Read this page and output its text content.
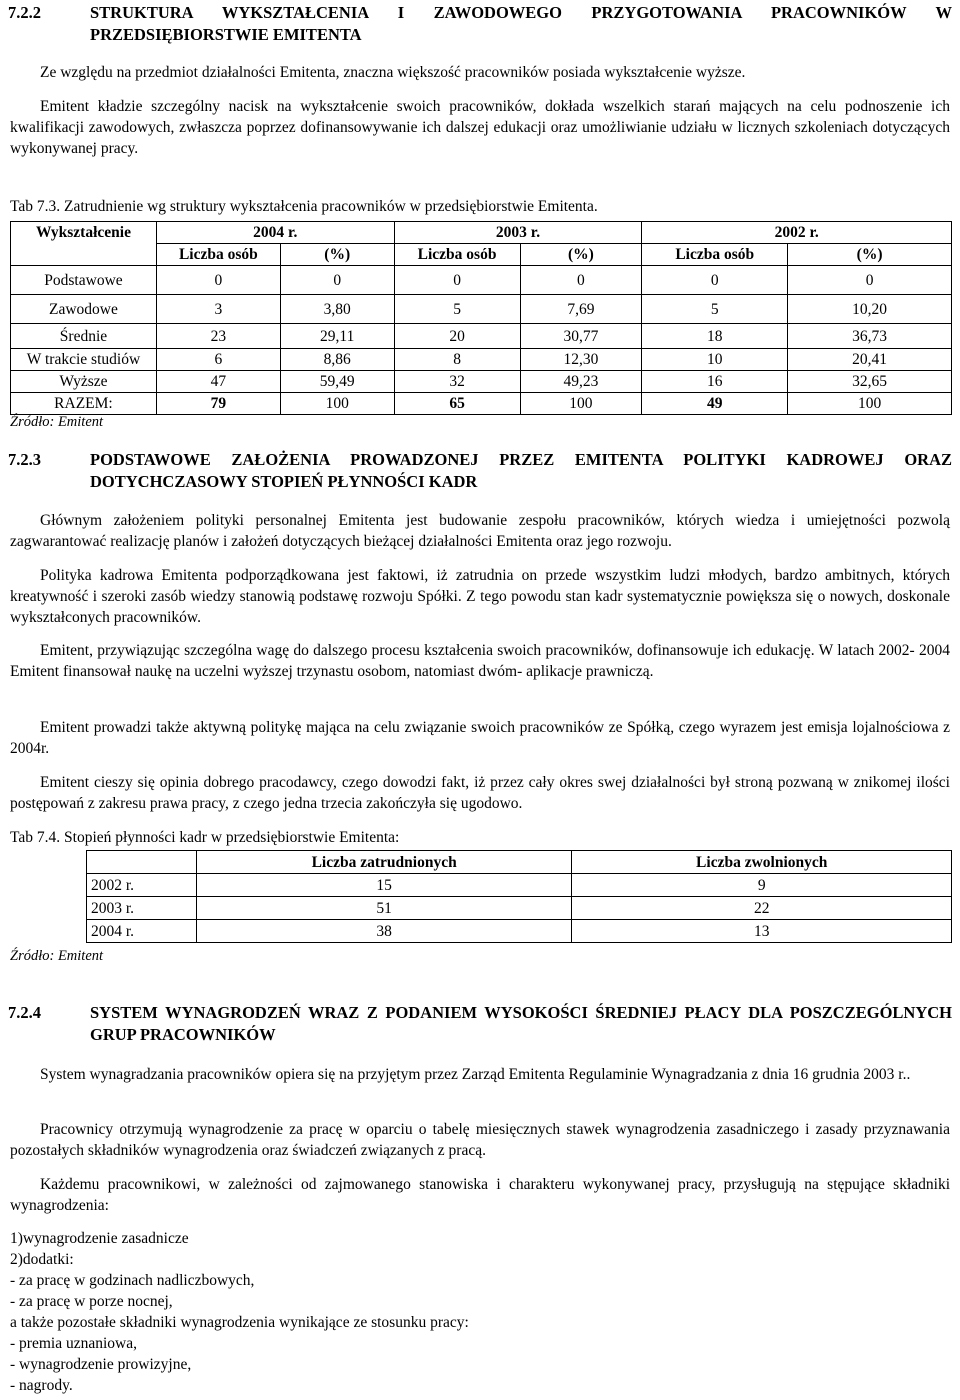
7.2.2	STRUKTURA WYKSZTAŁCENIA I ZAWODOWEGO PRZYGOTOWANIA PRACOWNIKÓW W PRZEDSIĘBIORSTWIE EMITENTA
Ze względu na przedmiot działalności Emitenta, znaczna większość pracowników posiada wykształcenie wyższe.
Emitent kładzie szczególny nacisk na wykształcenie swoich pracowników, dokłada wszelkich starań mających na celu podnoszenie ich kwalifikacji zawodowych, zwłaszcza poprzez dofinansowywanie ich dalszej edukacji oraz umożliwianie udziału w licznych szkoleniach dotyczących wykonywanej pracy.
Tab 7.3. Zatrudnienie wg struktury wykształcenia pracowników w przedsiębiorstwie Emitenta.
Wykształcenie	2004 r.		2003 r.		2002 r.	
	Liczba osób	(%)	Liczba osób	(%)	Liczba osób	(%)
Podstawowe	0	0	0	0	0	0
Zawodowe	3	3,80	5	7,69	5	10,20
Średnie	23	29,11	20	30,77	18	36,73
W trakcie studiów	6	8,86	8	12,30	10	20,41
Wyższe	47	59,49	32	49,23	16	32,65
RAZEM:	79	100	65	100	49	100
Źródło: Emitent
7.2.3	PODSTAWOWE ZAŁOŻENIA PROWADZONEJ PRZEZ EMITENTA POLITYKI KADROWEJ ORAZ DOTYCHCZASOWY STOPIEŃ PŁYNNOŚCI KADR
Głównym założeniem polityki personalnej Emitenta jest budowanie zespołu pracowników, których wiedza i umiejętności pozwolą zagwarantować realizację planów i założeń dotyczących bieżącej działalności Emitenta oraz jego rozwoju.
Polityka kadrowa Emitenta podporządkowana jest faktowi, iż zatrudnia on przede wszystkim ludzi młodych, bardzo ambitnych, których kreatywność i szeroki zasób wiedzy stanowią podstawę rozwoju Spółki. Z tego powodu stan kadr systematycznie powiększa się o nowych, doskonale wykształconych pracowników.
Emitent, przywiązując szczególna wagę do dalszego procesu kształcenia swoich pracowników, dofinansowuje ich edukację. W latach 2002- 2004 Emitent finansował naukę na uczelni wyższej trzynastu osobom, natomiast dwóm- aplikacje prawniczą.
Emitent prowadzi także aktywną politykę mająca na celu związanie swoich pracowników ze Spółką, czego wyrazem jest emisja lojalnościowa z 2004r.
Emitent cieszy się opinia dobrego pracodawcy, czego dowodzi fakt, iż przez cały okres swej działalności był stroną pozwaną w znikomej ilości postępowań z zakresu prawa pracy, z czego jedna trzecia zakończyła się ugodowo.
Tab 7.4. Stopień płynności kadr w przedsiębiorstwie Emitenta:
	Liczba zatrudnionych	Liczba zwolnionych
2002 r.	15	9
2003 r.	51	22
2004 r.	38	13
Źródło: Emitent
7.2.4	SYSTEM WYNAGRODZEŃ WRAZ Z PODANIEM WYSOKOŚCI ŚREDNIEJ PŁACY DLA POSZCZEGÓLNYCH GRUP PRACOWNIKÓW
System wynagradzania pracowników opiera się na przyjętym przez Zarząd Emitenta Regulaminie Wynagradzania z dnia 16 grudnia 2003 r..
Pracownicy otrzymują wynagrodzenie za pracę w oparciu o tabelę miesięcznych stawek wynagrodzenia zasadniczego i zasady przyznawania pozostałych składników wynagrodzenia oraz świadczeń związanych z pracą.
Każdemu pracownikowi, w zależności od zajmowanego stanowiska i charakteru wykonywanej pracy, przysługują na stępujące składniki wynagrodzenia:
1)wynagrodzenie zasadnicze
2)dodatki:
- za pracę w godzinach nadliczbowych,
- za pracę w porze nocnej,
a także pozostałe składniki wynagrodzenia wynikające ze stosunku pracy:
- premia uznaniowa,
- wynagrodzenie prowizyjne,
- nagrody.
